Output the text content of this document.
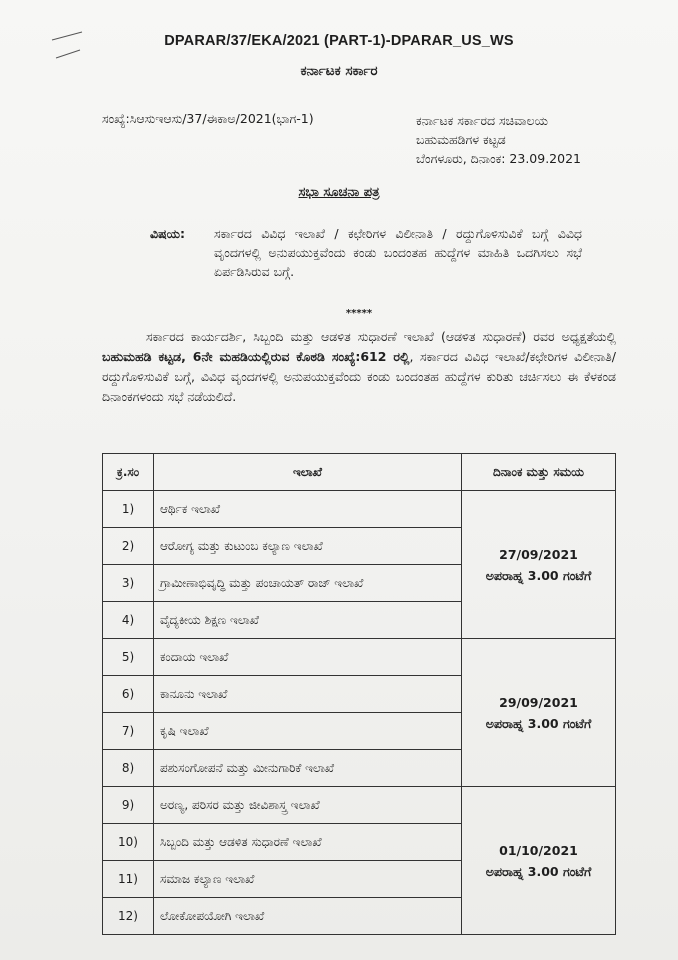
DPARAR/37/EKA/2021 (PART-1)-DPARAR_US_WS
ಕರ್ನಾಟಕ ಸರ್ಕಾರ
ಸಂಖ್ಯೆ:ಸಿಆಸುಇಆಸು/37/ಈಕಾಅ/2021(ಭಾಗ-1)	ಕರ್ನಾಟಕ ಸರ್ಕಾರದ ಸಚಿವಾಲಯ
ಬಹುಮಹಡಿಗಳ ಕಟ್ಟಡ
ಬೆಂಗಳೂರು, ದಿನಾಂಕ: 23.09.2021
ಸಭಾ ಸೂಚನಾ ಪತ್ರ
ವಿಷಯ: ಸರ್ಕಾರದ ವಿವಿಧ ಇಲಾಖೆ / ಕಛೇರಿಗಳ ವಿಲೀನಾತಿ / ರದ್ದುಗೊಳಿಸುವಿಕೆ ಬಗ್ಗೆ ವಿವಿಧ ವೃಂದಗಳಲ್ಲಿ ಅನುಪಯುಕ್ತವೆಂದು ಕಂಡು ಬಂದಂತಹ ಹುದ್ದೆಗಳ ಮಾಹಿತಿ ಒದಗಿಸಲು ಸಭೆ ಏರ್ಪಡಿಸಿರುವ ಬಗ್ಗೆ.
*****
ಸರ್ಕಾರದ ಕಾರ್ಯದರ್ಶಿ, ಸಿಬ್ಬಂದಿ ಮತ್ತು ಆಡಳಿತ ಸುಧಾರಣೆ ಇಲಾಖೆ (ಆಡಳಿತ ಸುಧಾರಣೆ) ರವರ ಅಧ್ಯಕ್ಷತೆಯಲ್ಲಿ ಬಹುಮಹಡಿ ಕಟ್ಟಡ, 6ನೇ ಮಹಡಿಯಲ್ಲಿರುವ ಕೊಠಡಿ ಸಂಖ್ಯೆ:612 ರಲ್ಲಿ, ಸರ್ಕಾರದ ವಿವಿಧ ಇಲಾಖೆ/ಕಛೇರಿಗಳ ವಿಲೀನಾತಿ/ರದ್ದುಗೊಳಿಸುವಿಕೆ ಬಗ್ಗೆ, ವಿವಿಧ ವೃಂದಗಳಲ್ಲಿ ಅನುಪಯುಕ್ತವೆಂದು ಕಂಡು ಬಂದಂತಹ ಹುದ್ದೆಗಳ ಕುರಿತು ಚರ್ಚಿಸಲು ಈ ಕೆಳಕಂಡ ದಿನಾಂಕಗಳಂದು ಸಭೆ ನಡೆಯಲಿದೆ.
ಕ್ರ.ಸಂ	ಇಲಾಖೆ	ದಿನಾಂಕ ಮತ್ತು ಸಮಯ
1)	ಆರ್ಥಿಕ ಇಲಾಖೆ	27/09/2021
ಅಪರಾಹ್ನ 3.00 ಗಂಟೆಗೆ

2)	ಆರೋಗ್ಯ ಮತ್ತು ಕುಟುಂಬ ಕಲ್ಯಾಣ ಇಲಾಖೆ	
3)	ಗ್ರಾಮೀಣಾಭಿವೃದ್ಧಿ ಮತ್ತು ಪಂಚಾಯತ್ ರಾಜ್ ಇಲಾಖೆ	
4)	ವೈದ್ಯಕೀಯ ಶಿಕ್ಷಣ ಇಲಾಖೆ	
5)	ಕಂದಾಯ ಇಲಾಖೆ	29/09/2021
ಅಪರಾಹ್ನ 3.00 ಗಂಟೆಗೆ

6)	ಕಾನೂನು ಇಲಾಖೆ	
7)	ಕೃಷಿ ಇಲಾಖೆ	
8)	ಪಶುಸಂಗೋಪನೆ ಮತ್ತು ಮೀನುಗಾರಿಕೆ ಇಲಾಖೆ	
9)	ಅರಣ್ಯ, ಪರಿಸರ ಮತ್ತು ಜೀವಿಶಾಸ್ತ್ರ ಇಲಾಖೆ	01/10/2021
ಅಪರಾಹ್ನ 3.00 ಗಂಟೆಗೆ

10)	ಸಿಬ್ಬಂದಿ ಮತ್ತು ಆಡಳಿತ ಸುಧಾರಣೆ ಇಲಾಖೆ	
11)	ಸಮಾಜ ಕಲ್ಯಾಣ ಇಲಾಖೆ	
12)	ಲೋಕೋಪಯೋಗಿ ಇಲಾಖೆ	
